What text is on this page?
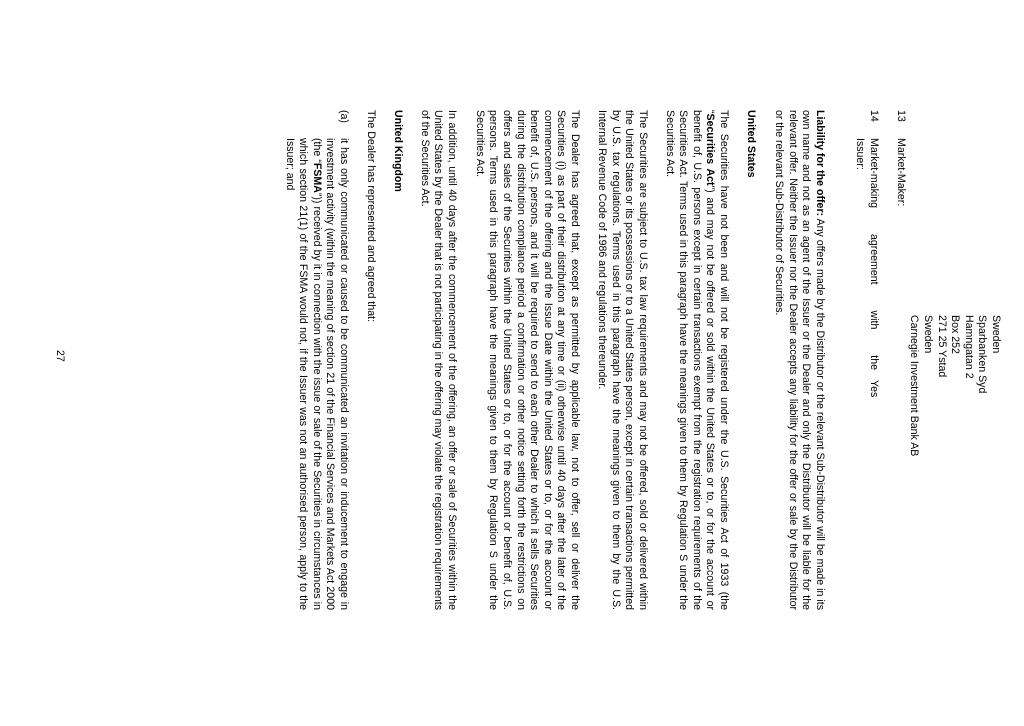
Sweden
Sparbanken Syd
Hamngatan 2
Box 252
271 25 Ystad
Sweden
Carnegie Investment Bank AB
13
Market-Maker:
14
Market-making agreement with the
Yes
Issuer:
Liability for the offer: Any offers made by the Distributor or the relevant Sub-Distributor will be made in its own name and not as an agent of the Issuer or the Dealer and only the Distributor will be liable for the relevant offer. Neither the Issuer nor the Dealer accepts any liability for the offer or sale by the Distributor or the relevant Sub-Distributor of Securities.
United States
The Securities have not been and will not be registered under the U.S. Securities Act of 1933 (the “Securities Act”) and may not be offered or sold within the United States or to, or for the account or benefit of, U.S. persons except in certain transactions exempt from the registration requirements of the Securities Act. Terms used in this paragraph have the meanings given to them by Regulation S under the Securities Act.
The Securities are subject to U.S. tax law requirements and may not be offered, sold or delivered within the United States or its possessions or to a United States person, except in certain transactions permitted by U.S. tax regulations. Terms used in this paragraph have the meanings given to them by the U.S. Internal Revenue Code of 1986 and regulations thereunder.
The Dealer has agreed that, except as permitted by applicable law, not to offer, sell or deliver the Securities (i) as part of their distribution at any time or (ii) otherwise until 40 days after the later of the commencement of the offering and the Issue Date within the United States or to, or for the account or benefit of, U.S. persons, and it will be required to send to each other Dealer to which it sells Securities during the distribution compliance period a confirmation or other notice setting forth the restrictions on offers and sales of the Securities within the United States or to, or for the account or benefit of, U.S. persons. Terms used in this paragraph have the meanings given to them by Regulation S under the Securities Act.
In addition, until 40 days after the commencement of the offering, an offer or sale of Securities within the United States by the Dealer that is not participating in the offering may violate the registration requirements of the Securities Act.
United Kingdom
The Dealer has represented and agreed that:
(a)
it has only communicated or caused to be communicated an invitation or inducement to engage in investment activity (within the meaning of section 21 of the Financial Services and Markets Act 2000 (the “FSMA”)) received by it in connection with the issue or sale of the Securities in circumstances in which section 21(1) of the FSMA would not, if the Issuer was not an authorised person, apply to the Issuer; and
27
